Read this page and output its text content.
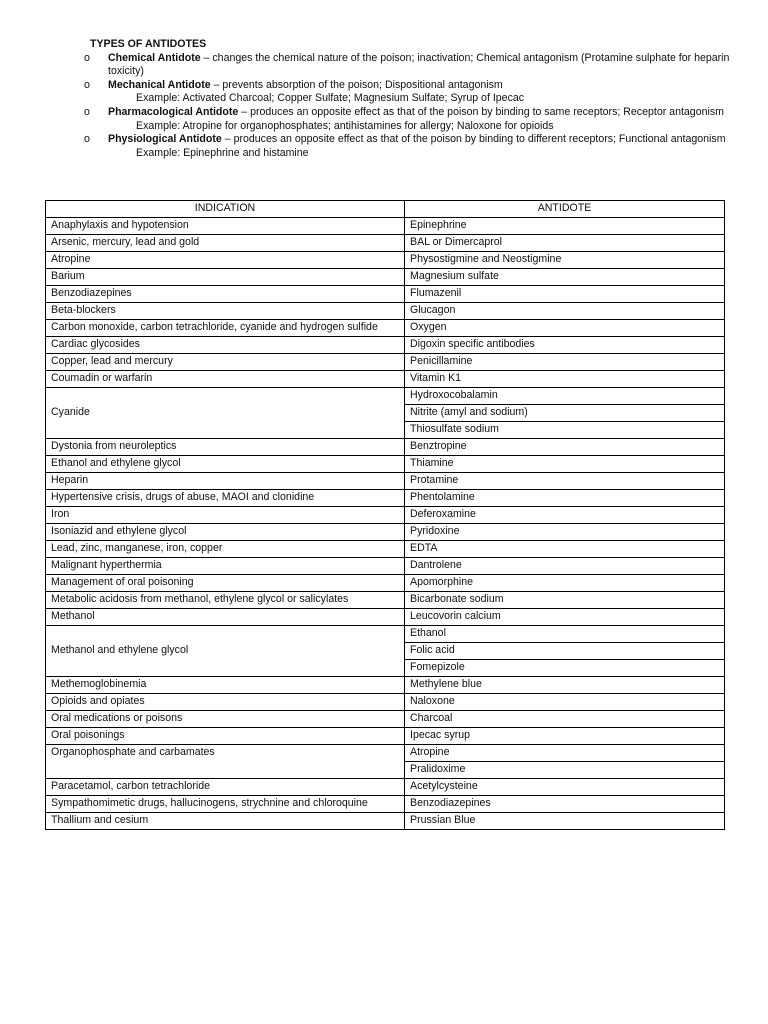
TYPES OF ANTIDOTES
o	Chemical Antidote – changes the chemical nature of the poison; inactivation; Chemical antagonism (Protamine sulphate for heparin toxicity)
o	Mechanical Antidote – prevents absorption of the poison; Dispositional antagonism
Example: Activated Charcoal; Copper Sulfate; Magnesium Sulfate; Syrup of Ipecac
o	Pharmacological Antidote – produces an opposite effect as that of the poison by binding to same receptors; Receptor antagonism
Example: Atropine for organophosphates; antihistamines for allergy; Naloxone for opioids
o	Physiological Antidote – produces an opposite effect as that of the poison by binding to different receptors; Functional antagonism
Example: Epinephrine and histamine
INDICATION	ANTIDOTE
Anaphylaxis and hypotension	Epinephrine
Arsenic, mercury, lead and gold	BAL or Dimercaprol
Atropine	Physostigmine and Neostigmine
Barium	Magnesium sulfate
Benzodiazepines	Flumazenil
Beta-blockers	Glucagon
Carbon monoxide, carbon tetrachloride, cyanide and hydrogen sulfide	Oxygen
Cardiac glycosides	Digoxin specific antibodies
Copper, lead and mercury	Penicillamine
Coumadin or warfarin	Vitamin K1
Cyanide	Hydroxocobalamin
	Nitrite (amyl and sodium)
	Thiosulfate sodium
Dystonia from neuroleptics	Benztropine
Ethanol and ethylene glycol	Thiamine
Heparin	Protamine
Hypertensive crisis, drugs of abuse, MAOI and clonidine	Phentolamine
Iron	Deferoxamine
Isoniazid and ethylene glycol	Pyridoxine
Lead, zinc, manganese, iron, copper	EDTA
Malignant hyperthermia	Dantrolene
Management of oral poisoning	Apomorphine
Metabolic acidosis from methanol, ethylene glycol or salicylates	Bicarbonate sodium
Methanol	Leucovorin calcium
Methanol and ethylene glycol	Ethanol
	Folic acid
	Fomepizole
Methemoglobinemia	Methylene blue
Opioids and opiates	Naloxone
Oral medications or poisons	Charcoal
Oral poisonings	Ipecac syrup
Organophosphate and carbamates	Atropine
	Pralidoxime
Paracetamol, carbon tetrachloride	Acetylcysteine
Sympathomimetic drugs, hallucinogens, strychnine and chloroquine	Benzodiazepines
Thallium and cesium	Prussian Blue
